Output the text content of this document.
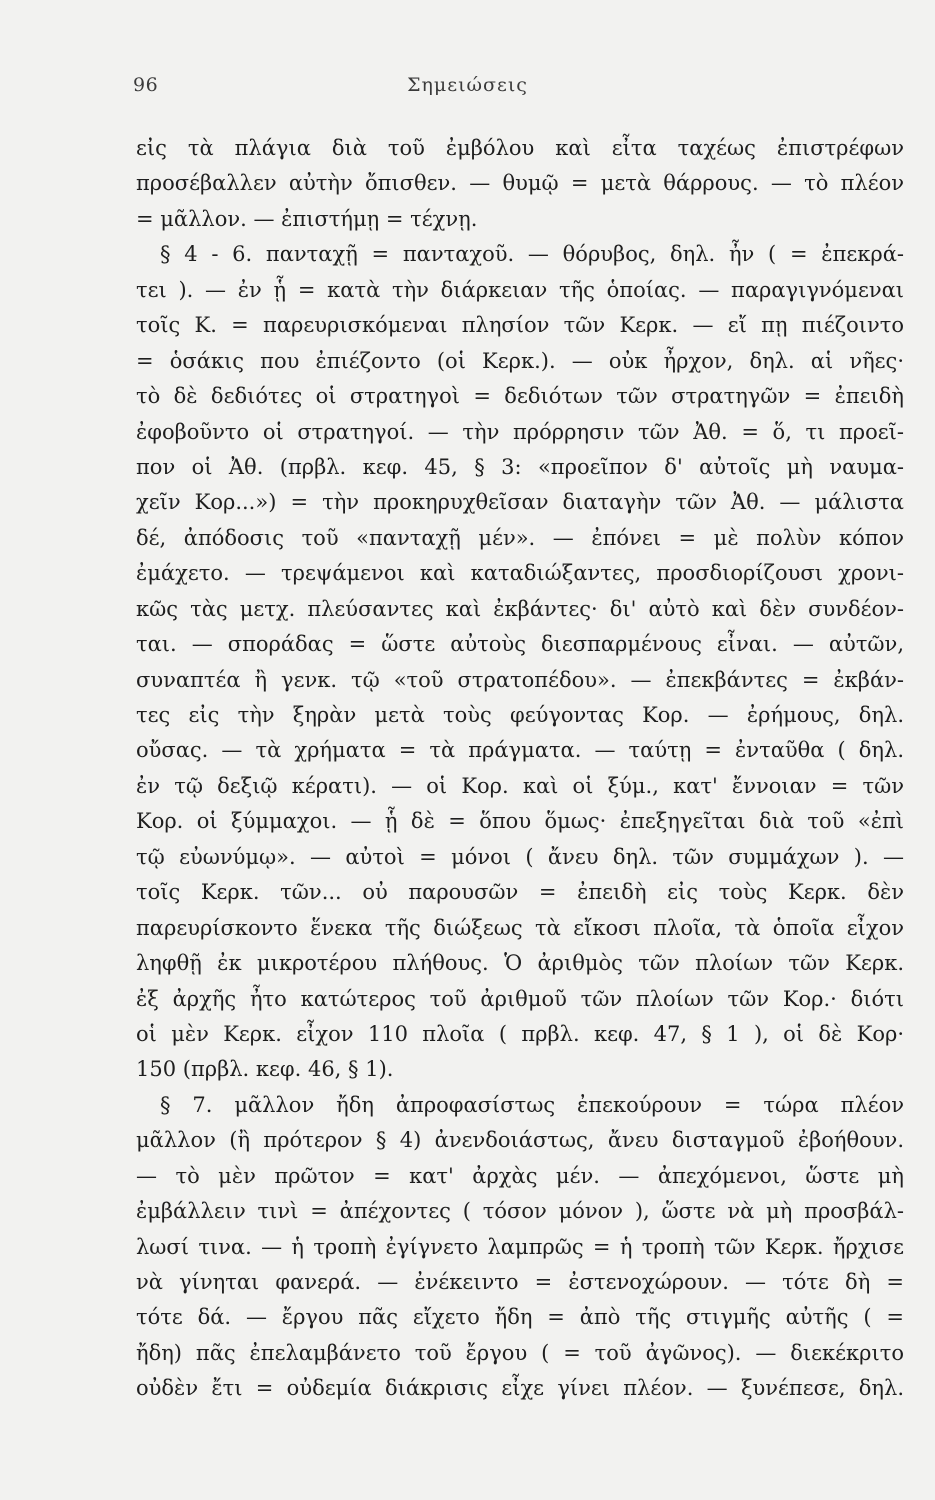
96	Σημειώσεις
εἰς τὰ πλάγια διὰ τοῦ ἐμβόλου καὶ εἶτα ταχέως ἐπιστρέφων
προσέβαλλεν αὐτὴν ὄπισθεν. — θυμῷ = μετὰ θάρρους. — τὸ πλέον
= μᾶλλον. — ἐπιστήμῃ = τέχνῃ.
§ 4 - 6. πανταχῇ = πανταχοῦ. — θόρυβος, δηλ. ἦν ( = ἐπεκρά-
τει ). — ἐν ᾗ = κατὰ τὴν διάρκειαν τῆς ὁποίας. — παραγιγνόμεναι
τοῖς Κ. = παρευρισκόμεναι πλησίον τῶν Κερκ. — εἴ πῃ πιέζοιντο
= ὁσάκις που ἐπιέζοντο (οἱ Κερκ.). — οὐκ ἦρχον, δηλ. αἱ νῆες·
τὸ δὲ δεδιότες οἱ στρατηγοὶ = δεδιότων τῶν στρατηγῶν = ἐπειδὴ
ἐφοβοῦντο οἱ στρατηγοί. — τὴν πρόρρησιν τῶν Ἀθ. = ὅ, τι προεῖ-
πον οἱ Ἀθ. (πρβλ. κεφ. 45, § 3: «προεῖπον δ' αὐτοῖς μὴ ναυμα-
χεῖν Κορ...») = τὴν προκηρυχθεῖσαν διαταγὴν τῶν Ἀθ. — μάλιστα
δέ, ἀπόδοσις τοῦ «πανταχῇ μέν». — ἐπόνει = μὲ πολὺν κόπον
ἐμάχετο. — τρεψάμενοι καὶ καταδιώξαντες, προσδιορίζουσι χρονι-
κῶς τὰς μετχ. πλεύσαντες καὶ ἐκβάντες· δι' αὐτὸ καὶ δὲν συνδέον-
ται. — σποράδας = ὥστε αὐτοὺς διεσπαρμένους εἶναι. — αὐτῶν,
συναπτέα ἢ γενκ. τῷ «τοῦ στρατοπέδου». — ἐπεκβάντες = ἐκβάν-
τες εἰς τὴν ξηρὰν μετὰ τοὺς φεύγοντας Κορ. — ἐρήμους, δηλ.
οὔσας. — τὰ χρήματα = τὰ πράγματα. — ταύτῃ = ἐνταῦθα ( δηλ.
ἐν τῷ δεξιῷ κέρατι). — οἱ Κορ. καὶ οἱ ξύμ., κατ' ἔννοιαν = τῶν
Κορ. οἱ ξύμμαχοι. — ᾗ δὲ = ὅπου ὅμως· ἐπεξηγεῖται διὰ τοῦ «ἐπὶ
τῷ εὐωνύμῳ». — αὐτοὶ = μόνοι ( ἄνευ δηλ. τῶν συμμάχων ). —
τοῖς Κερκ. τῶν... οὐ παρουσῶν = ἐπειδὴ εἰς τοὺς Κερκ. δὲν
παρευρίσκοντο ἕνεκα τῆς διώξεως τὰ εἴκοσι πλοῖα, τὰ ὁποῖα εἶχον
ληφθῇ ἐκ μικροτέρου πλήθους. Ὁ ἀριθμὸς τῶν πλοίων τῶν Κερκ.
ἐξ ἀρχῆς ἦτο κατώτερος τοῦ ἀριθμοῦ τῶν πλοίων τῶν Κορ.· διότι
οἱ μὲν Κερκ. εἶχον 110 πλοῖα ( πρβλ. κεφ. 47, § 1 ), οἱ δὲ Κορ·
150 (πρβλ. κεφ. 46, § 1).
§ 7. μᾶλλον ἤδη ἀπροφασίστως ἐπεκούρουν = τώρα πλέον
μᾶλλον (ἢ πρότερον § 4) ἀνενδοιάστως, ἄνευ δισταγμοῦ ἐβοήθουν.
— τὸ μὲν πρῶτον = κατ' ἀρχὰς μέν. — ἀπεχόμενοι, ὥστε μὴ
ἐμβάλλειν τινὶ = ἀπέχοντες ( τόσον μόνον ), ὥστε νὰ μὴ προσβάλ-
λωσί τινα. — ἡ τροπὴ ἐγίγνετο λαμπρῶς = ἡ τροπὴ τῶν Κερκ. ἤρχισε
νὰ γίνηται φανερά. — ἐνέκειντο = ἐστενοχώρουν. — τότε δὴ =
τότε δά. — ἔργου πᾶς εἴχετο ἤδη = ἀπὸ τῆς στιγμῆς αὐτῆς ( =
ἤδη) πᾶς ἐπελαμβάνετο τοῦ ἔργου ( = τοῦ ἀγῶνος). — διεκέκριτο
οὐδὲν ἔτι = οὐδεμία διάκρισις εἶχε γίνει πλέον. — ξυνέπεσε, δηλ.
